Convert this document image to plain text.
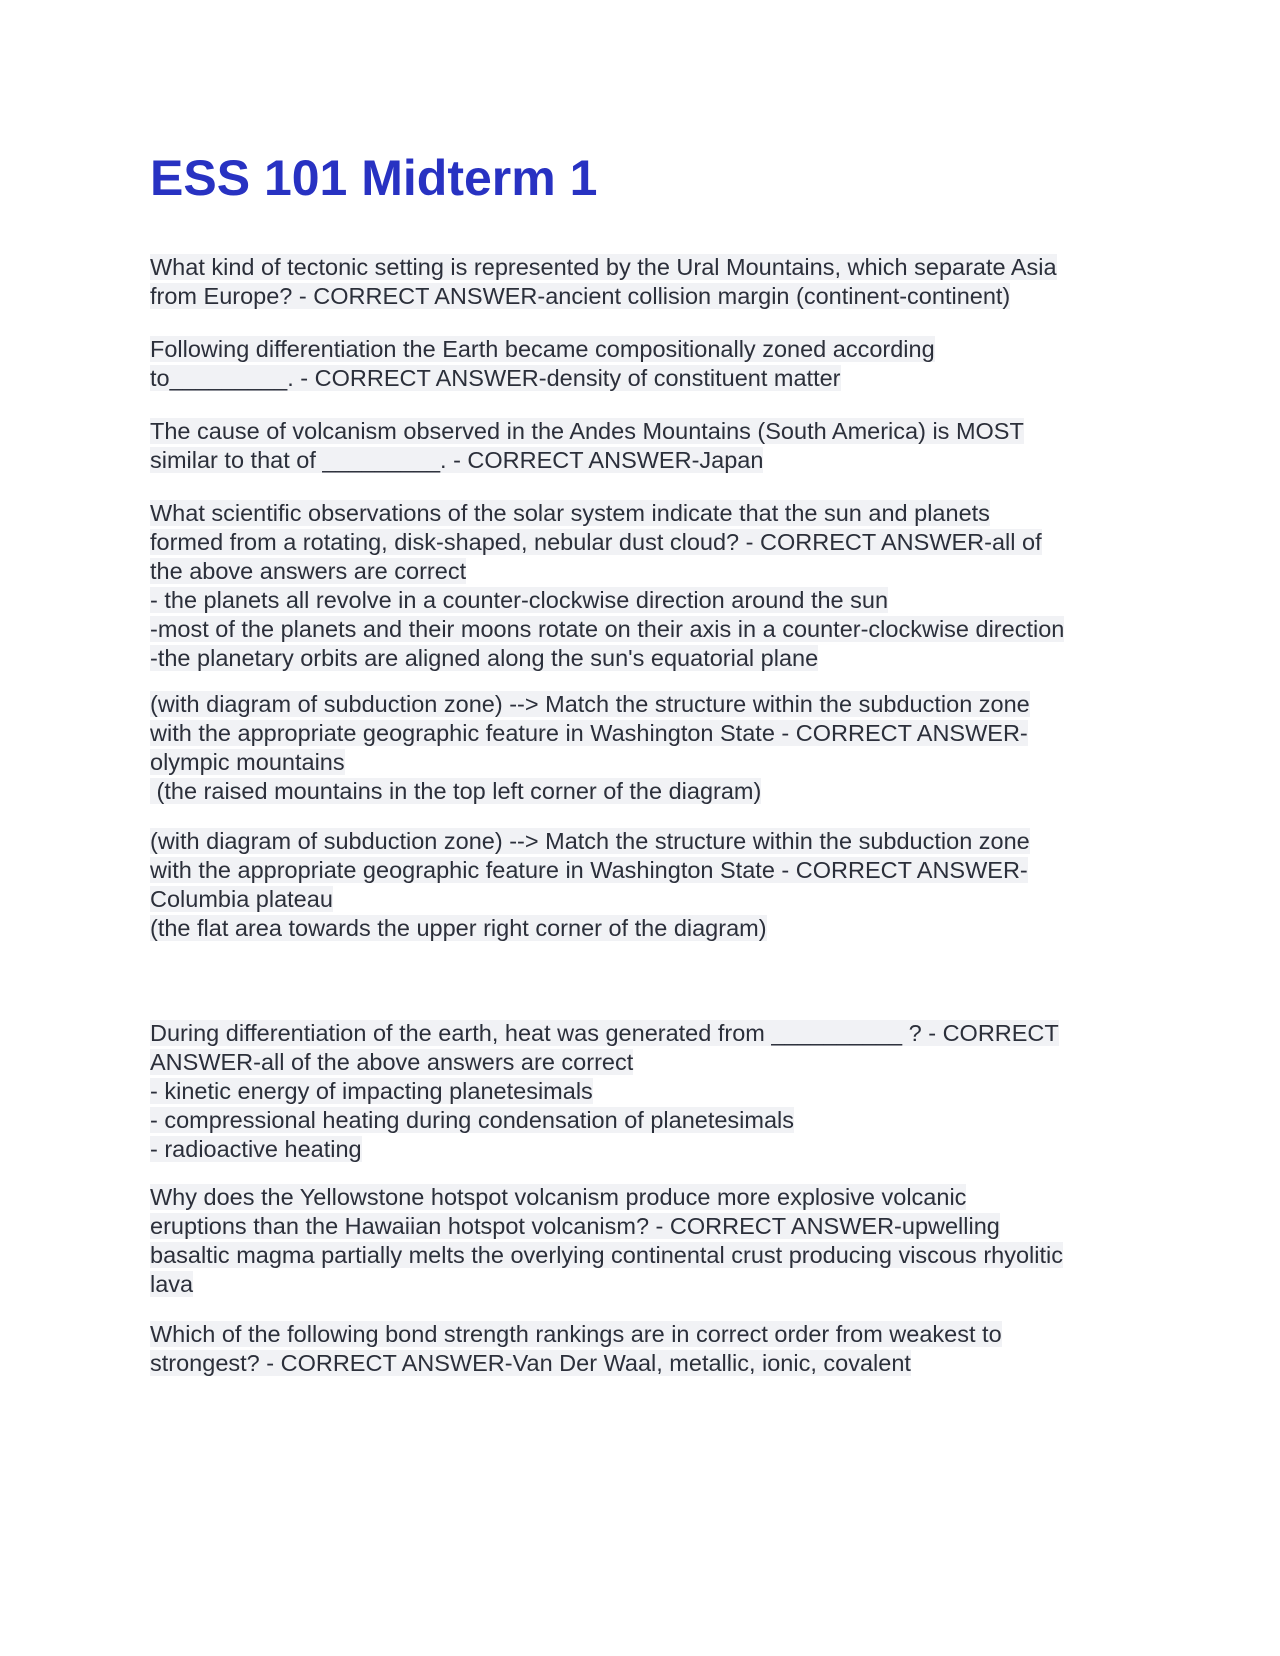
ESS 101 Midterm 1
What kind of tectonic setting is represented by the Ural Mountains, which separate Asia
from Europe? - CORRECT ANSWER-ancient collision margin (continent-continent)
Following differentiation the Earth became compositionally zoned according
to_________. - CORRECT ANSWER-density of constituent matter
The cause of volcanism observed in the Andes Mountains (South America) is MOST
similar to that of _________. - CORRECT ANSWER-Japan
What scientific observations of the solar system indicate that the sun and planets
formed from a rotating, disk-shaped, nebular dust cloud? - CORRECT ANSWER-all of
the above answers are correct
- the planets all revolve in a counter-clockwise direction around the sun
-most of the planets and their moons rotate on their axis in a counter-clockwise direction
-the planetary orbits are aligned along the sun's equatorial plane
(with diagram of subduction zone) --> Match the structure within the subduction zone
with the appropriate geographic feature in Washington State - CORRECT ANSWER-
olympic mountains
(the raised mountains in the top left corner of the diagram)
(with diagram of subduction zone) --> Match the structure within the subduction zone
with the appropriate geographic feature in Washington State - CORRECT ANSWER-
Columbia plateau
(the flat area towards the upper right corner of the diagram)
During differentiation of the earth, heat was generated from __________ ? - CORRECT
ANSWER-all of the above answers are correct
- kinetic energy of impacting planetesimals
- compressional heating during condensation of planetesimals
- radioactive heating
Why does the Yellowstone hotspot volcanism produce more explosive volcanic
eruptions than the Hawaiian hotspot volcanism? - CORRECT ANSWER-upwelling
basaltic magma partially melts the overlying continental crust producing viscous rhyolitic
lava
Which of the following bond strength rankings are in correct order from weakest to
strongest? - CORRECT ANSWER-Van Der Waal, metallic, ionic, covalent
